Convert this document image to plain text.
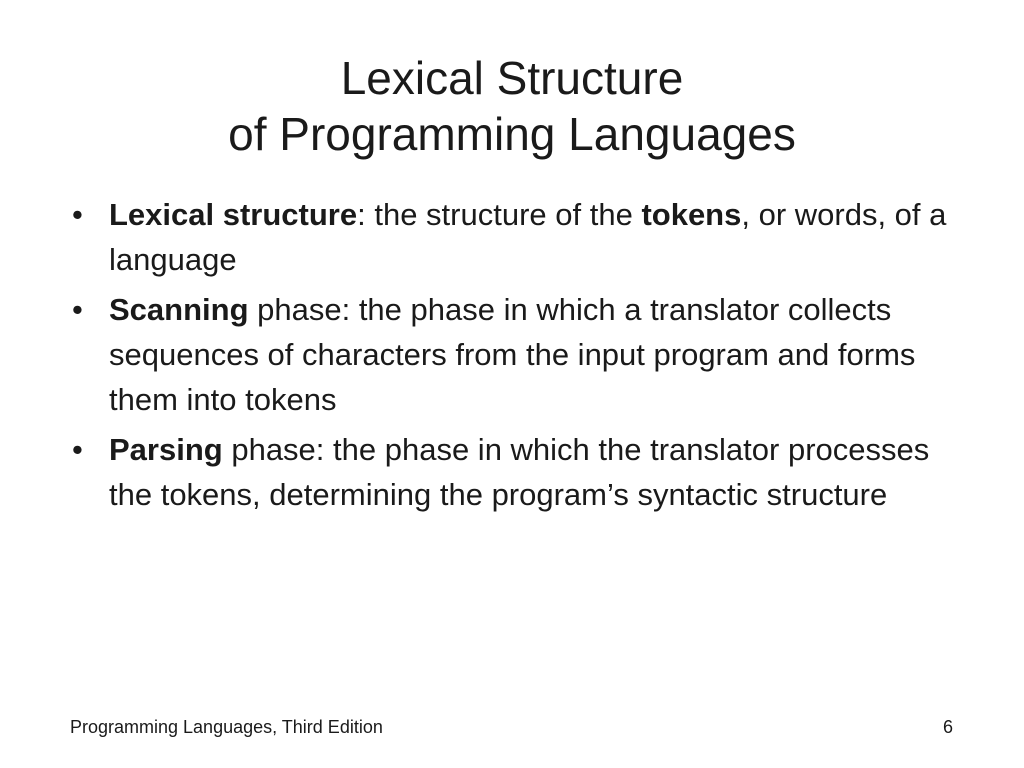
Lexical Structure
of Programming Languages
• Lexical structure: the structure of the tokens, or words, of a language
• Scanning phase: the phase in which a translator collects sequences of characters from the input program and forms them into tokens
• Parsing phase: the phase in which the translator processes the tokens, determining the program’s syntactic structure
Programming Languages, Third Edition	6
